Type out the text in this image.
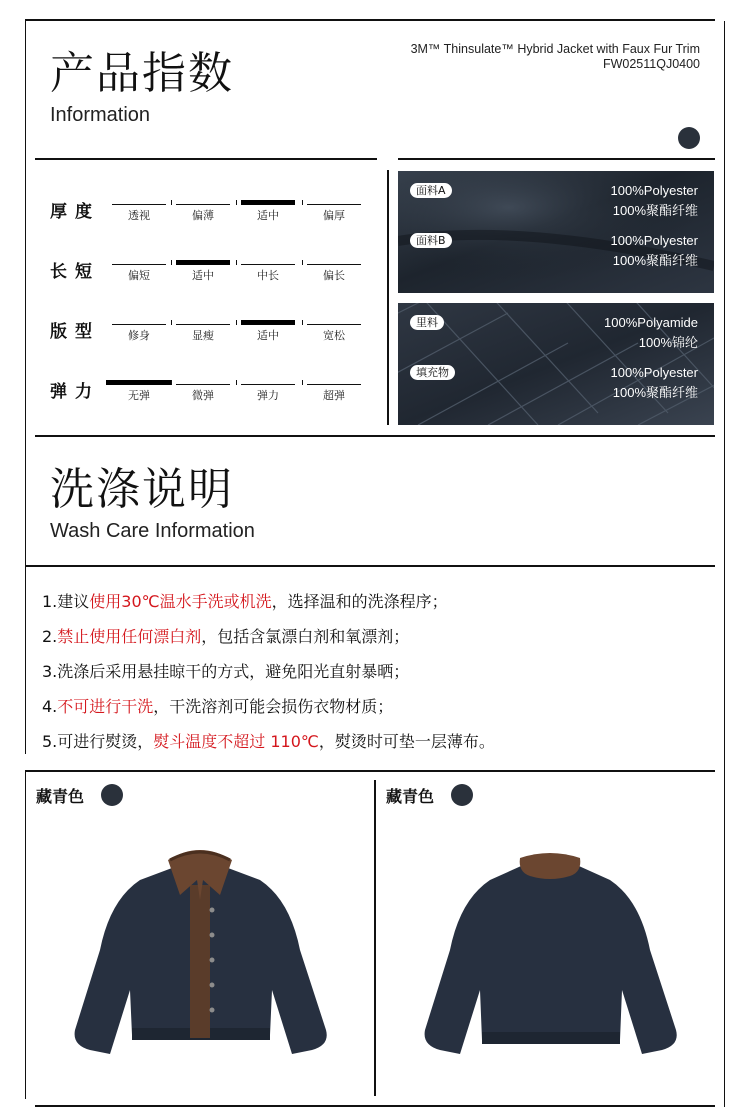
产品指数
Information
3M™ Thinsulate™ Hybrid Jacket with Faux Fur Trim
FW02511QJ0400
厚度	透视	偏薄	适中	偏厚
长短	偏短	适中	中长	偏长
版型	修身	显瘦	适中	宽松
弹力	无弹	微弹	弹力	超弹
面料A	100%Polyester
100%聚酯纤维
面料B	100%Polyester
100%聚酯纤维
里料	100%Polyamide
100%锦纶
填充物	100%Polyester
100%聚酯纤维
洗涤说明
Wash Care Information
1.建议使用30℃温水手洗或机洗，选择温和的洗涤程序；
2.禁止使用任何漂白剂，包括含氯漂白剂和氧漂剂；
3.洗涤后采用悬挂晾干的方式，避免阳光直射暴晒；
4.不可进行干洗，干洗溶剂可能会损伤衣物材质；
5.可进行熨烫，熨斗温度不超过 110℃，熨烫时可垫一层薄布。
藏青色	藏青色
